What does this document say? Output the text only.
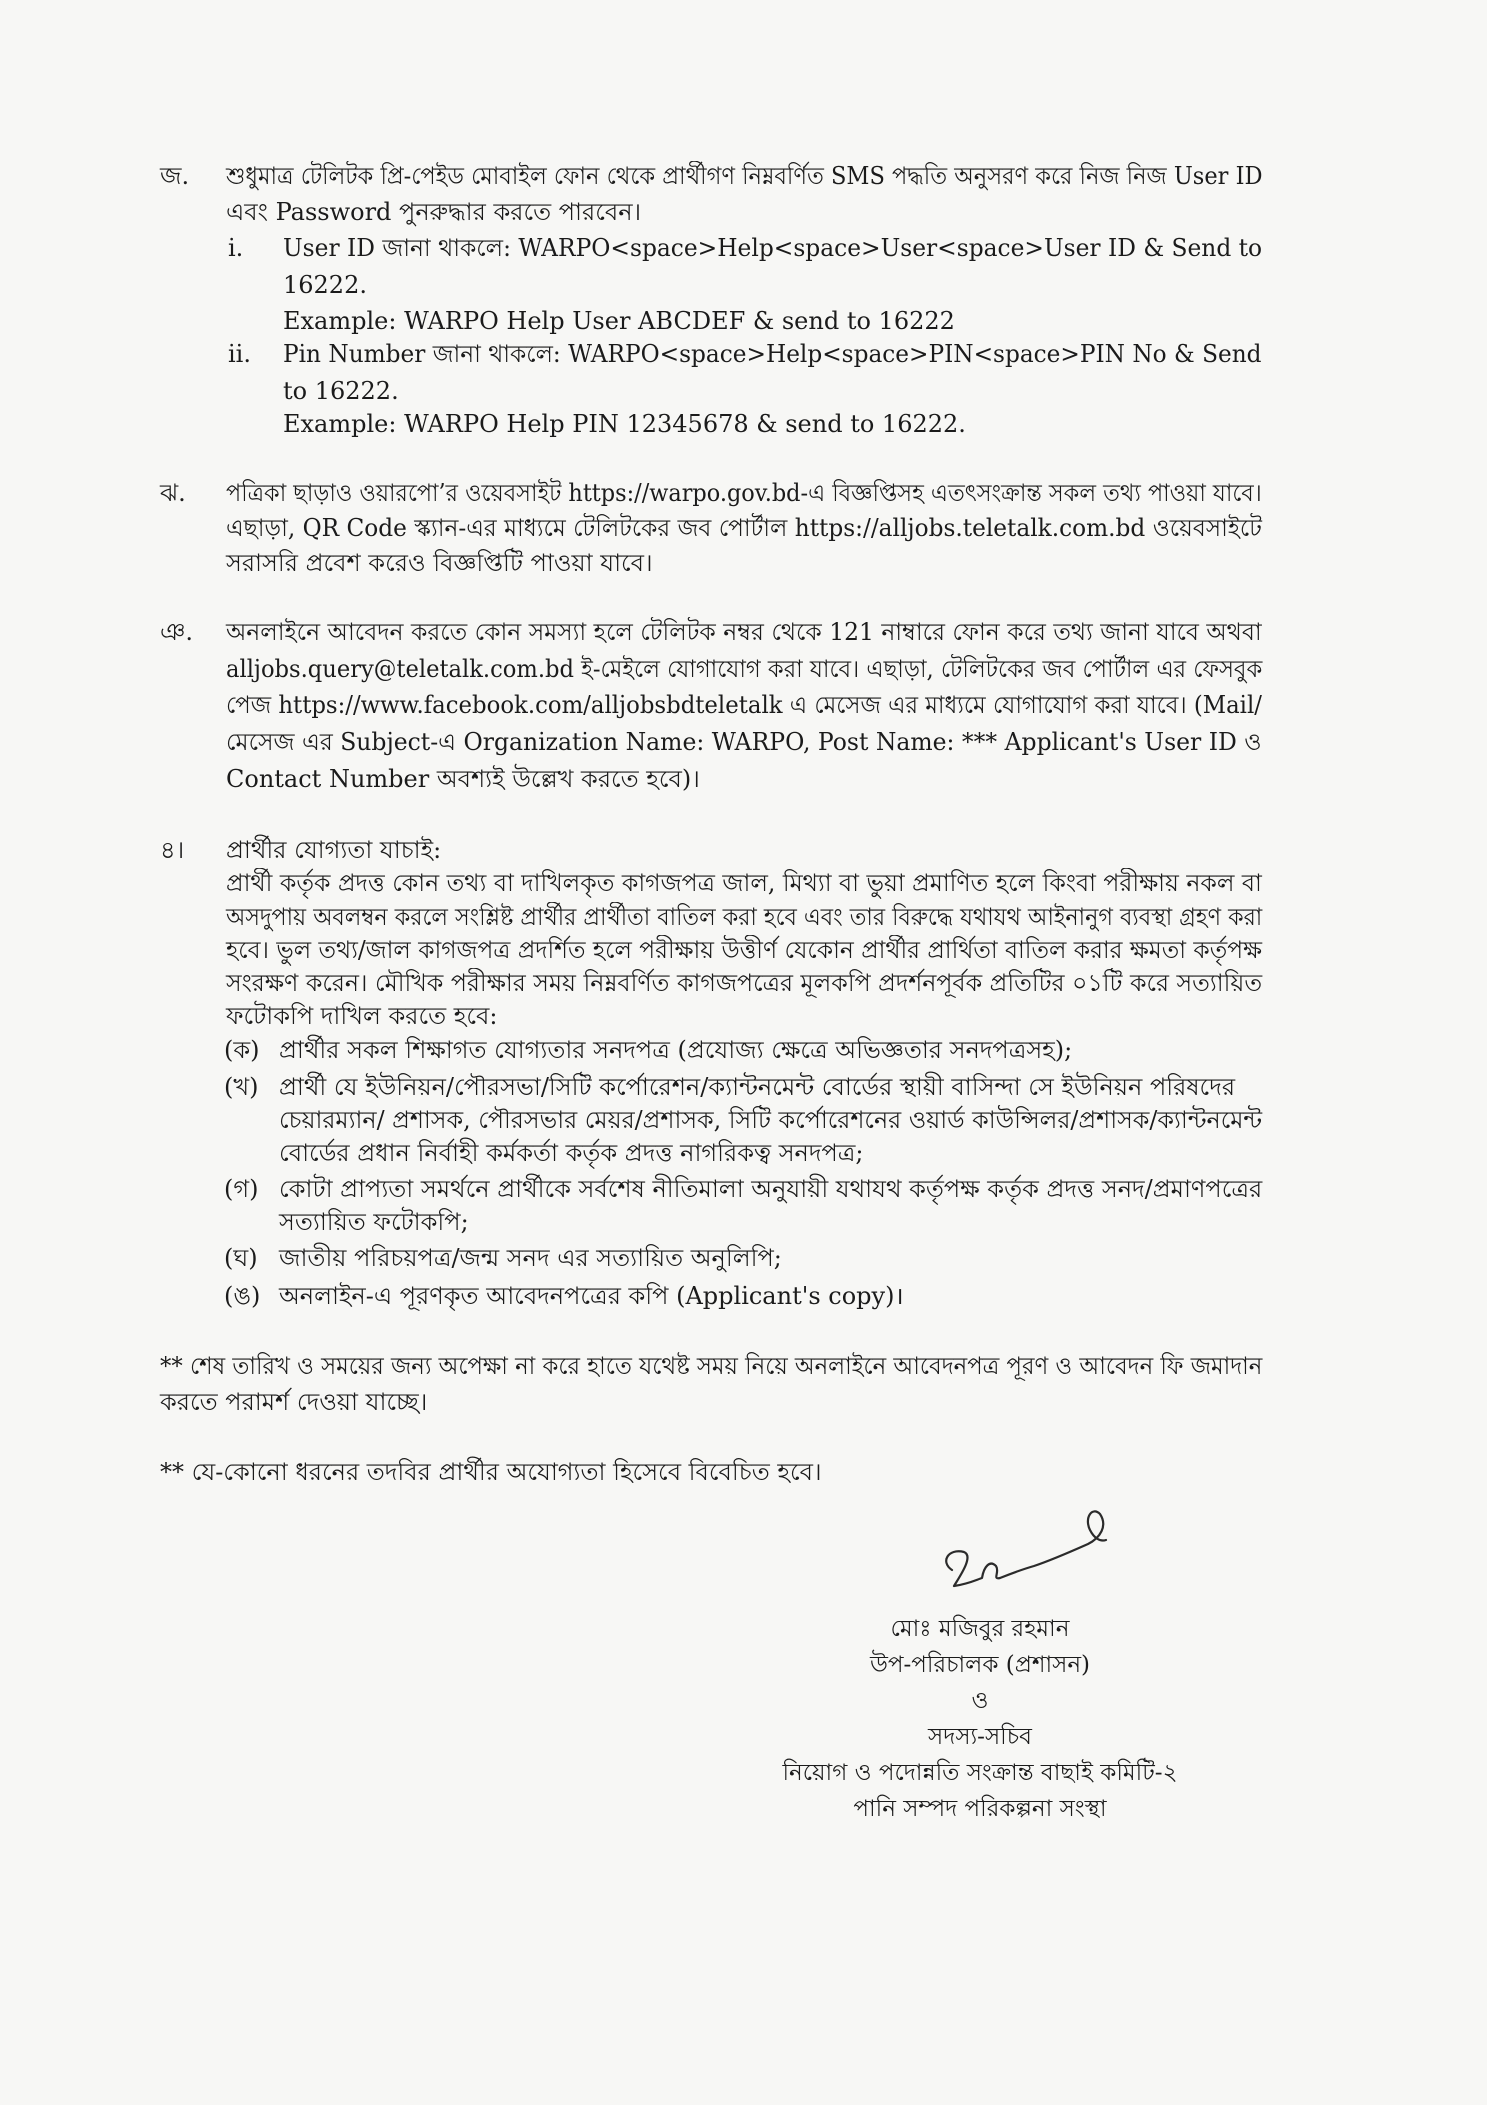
জ. শুধুমাত্র টেলিটক প্রি-পেইড মোবাইল ফোন থেকে প্রার্থীগণ নিম্নবর্ণিত SMS পদ্ধতি অনুসরণ করে নিজ নিজ User ID
এবং Password পুনরুদ্ধার করতে পারবেন।
i. User ID জানা থাকলে: WARPO<space>Help<space>User<space>User ID & Send to
16222.
Example: WARPO Help User ABCDEF & send to 16222
ii. Pin Number জানা থাকলে: WARPO<space>Help<space>PIN<space>PIN No & Send
to 16222.
Example: WARPO Help PIN 12345678 & send to 16222.
ঝ. পত্রিকা ছাড়াও ওয়ারপো’র ওয়েবসাইট https://warpo.gov.bd-এ বিজ্ঞপ্তিসহ এতৎসংক্রান্ত সকল তথ্য পাওয়া যাবে।
এছাড়া, QR Code স্ক্যান-এর মাধ্যমে টেলিটকের জব পোর্টাল https://alljobs.teletalk.com.bd ওয়েবসাইটে
সরাসরি প্রবেশ করেও বিজ্ঞপ্তিটি পাওয়া যাবে।
ঞ. অনলাইনে আবেদন করতে কোন সমস্যা হলে টেলিটক নম্বর থেকে 121 নাম্বারে ফোন করে তথ্য জানা যাবে অথবা
alljobs.query@teletalk.com.bd ই-মেইলে যোগাযোগ করা যাবে। এছাড়া, টেলিটকের জব পোর্টাল এর ফেসবুক
পেজ https://www.facebook.com/alljobsbdteletalk এ মেসেজ এর মাধ্যমে যোগাযোগ করা যাবে। (Mail/
মেসেজ এর Subject-এ Organization Name: WARPO, Post Name: *** Applicant's User ID ও
Contact Number অবশ্যই উল্লেখ করতে হবে)।
৪। প্রার্থীর যোগ্যতা যাচাই:
প্রার্থী কর্তৃক প্রদত্ত কোন তথ্য বা দাখিলকৃত কাগজপত্র জাল, মিথ্যা বা ভুয়া প্রমাণিত হলে কিংবা পরীক্ষায় নকল বা
অসদুপায় অবলম্বন করলে সংশ্লিষ্ট প্রার্থীর প্রার্থীতা বাতিল করা হবে এবং তার বিরুদ্ধে যথাযথ আইনানুগ ব্যবস্থা গ্রহণ করা
হবে। ভুল তথ্য/জাল কাগজপত্র প্রদর্শিত হলে পরীক্ষায় উত্তীর্ণ যেকোন প্রার্থীর প্রার্থিতা বাতিল করার ক্ষমতা কর্তৃপক্ষ
সংরক্ষণ করেন। মৌখিক পরীক্ষার সময় নিম্নবর্ণিত কাগজপত্রের মূলকপি প্রদর্শনপূর্বক প্রতিটির ০১টি করে সত্যায়িত
ফটোকপি দাখিল করতে হবে:
(ক) প্রার্থীর সকল শিক্ষাগত যোগ্যতার সনদপত্র (প্রযোজ্য ক্ষেত্রে অভিজ্ঞতার সনদপত্রসহ);
(খ) প্রার্থী যে ইউনিয়ন/পৌরসভা/সিটি কর্পোরেশন/ক্যান্টনমেন্ট বোর্ডের স্থায়ী বাসিন্দা সে ইউনিয়ন পরিষদের
চেয়ারম্যান/ প্রশাসক, পৌরসভার মেয়র/প্রশাসক, সিটি কর্পোরেশনের ওয়ার্ড কাউন্সিলর/প্রশাসক/ক্যান্টনমেন্ট
বোর্ডের প্রধান নির্বাহী কর্মকর্তা কর্তৃক প্রদত্ত নাগরিকত্ব সনদপত্র;
(গ) কোটা প্রাপ্যতা সমর্থনে প্রার্থীকে সর্বশেষ নীতিমালা অনুযায়ী যথাযথ কর্তৃপক্ষ কর্তৃক প্রদত্ত সনদ/প্রমাণপত্রের
সত্যায়িত ফটোকপি;
(ঘ) জাতীয় পরিচয়পত্র/জন্ম সনদ এর সত্যায়িত অনুলিপি;
(ঙ) অনলাইন-এ পূরণকৃত আবেদনপত্রের কপি (Applicant's copy)।
** শেষ তারিখ ও সময়ের জন্য অপেক্ষা না করে হাতে যথেষ্ট সময় নিয়ে অনলাইনে আবেদনপত্র পূরণ ও আবেদন ফি জমাদান
করতে পরামর্শ দেওয়া যাচ্ছে।
** যে-কোনো ধরনের তদবির প্রার্থীর অযোগ্যতা হিসেবে বিবেচিত হবে।
মোঃ মজিবুর রহমান
উপ-পরিচালক (প্রশাসন)
ও
সদস্য-সচিব
নিয়োগ ও পদোন্নতি সংক্রান্ত বাছাই কমিটি-২
পানি সম্পদ পরিকল্পনা সংস্থা
